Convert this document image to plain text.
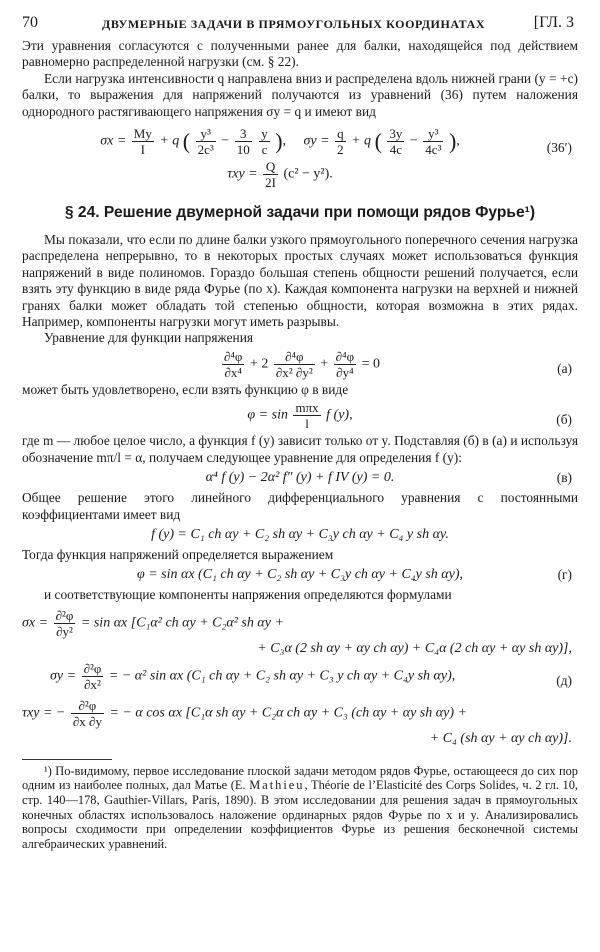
70	ДВУМЕРНЫЕ ЗАДАЧИ В ПРЯМОУГОЛЬНЫХ КООРДИНАТАХ	[ГЛ. 3

Эти уравнения согласуются с полученными ранее для балки, находящейся под действием равномерно распределенной нагрузки (см. § 22).

Если нагрузка интенсивности q направлена вниз и распределена вдоль нижней грани (y = +c) балки, то выражения для напряжений получаются из уравнений (36) путем наложения однородного растягивающего напряжения σy = q и имеют вид

$\sigma x = \frac{My}{I} + q$ ( $\frac{\text{y³}}{\text{2c³}} - \frac{3}{10}$
$\frac{y}{c}$ ),     $\sigma y = \frac{q}{2} + q$ ( $\frac{3y}{4c} - \frac{\text{y³}}{\text{4c³}}$ ),	(36′)
$\tau xy = \frac{Q}{2I} (c^2 - y^2)$.
§ 24. Решение двумерной задачи при помощи рядов Фурье¹)

Мы показали, что если по длине балки узкого прямоугольного поперечного сечения нагрузка распределена непрерывно, то в некоторых простых случаях может использоваться функция напряжений в виде полиномов. Гораздо большая степень общности решений получается, если взять эту функцию в виде ряда Фурье (по x). Каждая компонента нагрузки на верхней и нижней гранях балки может обладать той степенью общности, которая возможна в этих рядах. Например, компоненты нагрузки могут иметь разрывы.

Уравнение для функции напряжения

$\frac{\text{∂⁴φ}}{\text{∂x⁴}} + 2 \frac{\text{∂⁴φ}}{\text{∂x² ∂y²}} + \frac{\text{∂⁴φ}}{\text{∂y⁴}} = 0$	(а)

может быть удовлетворено, если взять функцию φ в виде

$\varphi = \sin \frac{\text{mπx}}{l}$ f (y),	(б)

где m — любое целое число, а функция f (y) зависит только от y. Подставляя (б) в (а) и используя обозначение mπ/l = α, получаем следующее уравнение для определения f (y):

α⁴ f (y) − 2α² f″ (y) + f IV (y) = 0.	(в)

Общее решение этого линейного дифференциального уравнения с постоянными коэффициентами имеет вид

f (y) = C₁ ch αy + C₂ sh αy + C₃y ch αy + C₄ y sh αy.

Тогда функция напряжений определяется выражением

φ = sin αx (C₁ ch αy + C₂ sh αy + C₃y ch αy + C₄y sh αy),	(г)

и соответствующие компоненты напряжения определяются формулами

$\sigma x = \frac{\text{∂²φ}}{\text{∂y²}} = \sin \alpha x$ [C₁α² ch αy + C₂α² sh αy +
+ C₃α (2 sh αy + αy ch αy) + C₄α (2 ch αy + αy sh αy)],
$\sigma y = \frac{\text{∂²φ}}{\text{∂x²}}$ = − α² sin αx (C₁ ch αy + C₂ sh αy + C₃ y ch αy + C₄y sh αy),	(д)
τxy = − $\frac{\text{∂²φ}}{\partial x \partial y}$ = − α cos αx [C₁α sh αy + C₂α ch αy + C₃ (ch αy + αy sh αy) +
+ C₄ (sh αy + αy ch αy)].

¹) По-видимому, первое исследование плоской задачи методом рядов Фурье, остающееся до сих пор одним из наиболее полных, дал Матье (E. Mathieu, Théorie de l’Elasticité des Corps Solides, ч. 2 гл. 10, стр. 140—178, Gauthier-Villars, Paris, 1890). В этом исследовании для решения задач в прямоугольных конечных областях использовалось наложение ординарных рядов Фурье по x и y. Анализировались вопросы сходимости при определении коэффициентов Фурье из решения бесконечной системы алгебраических уравнений.
